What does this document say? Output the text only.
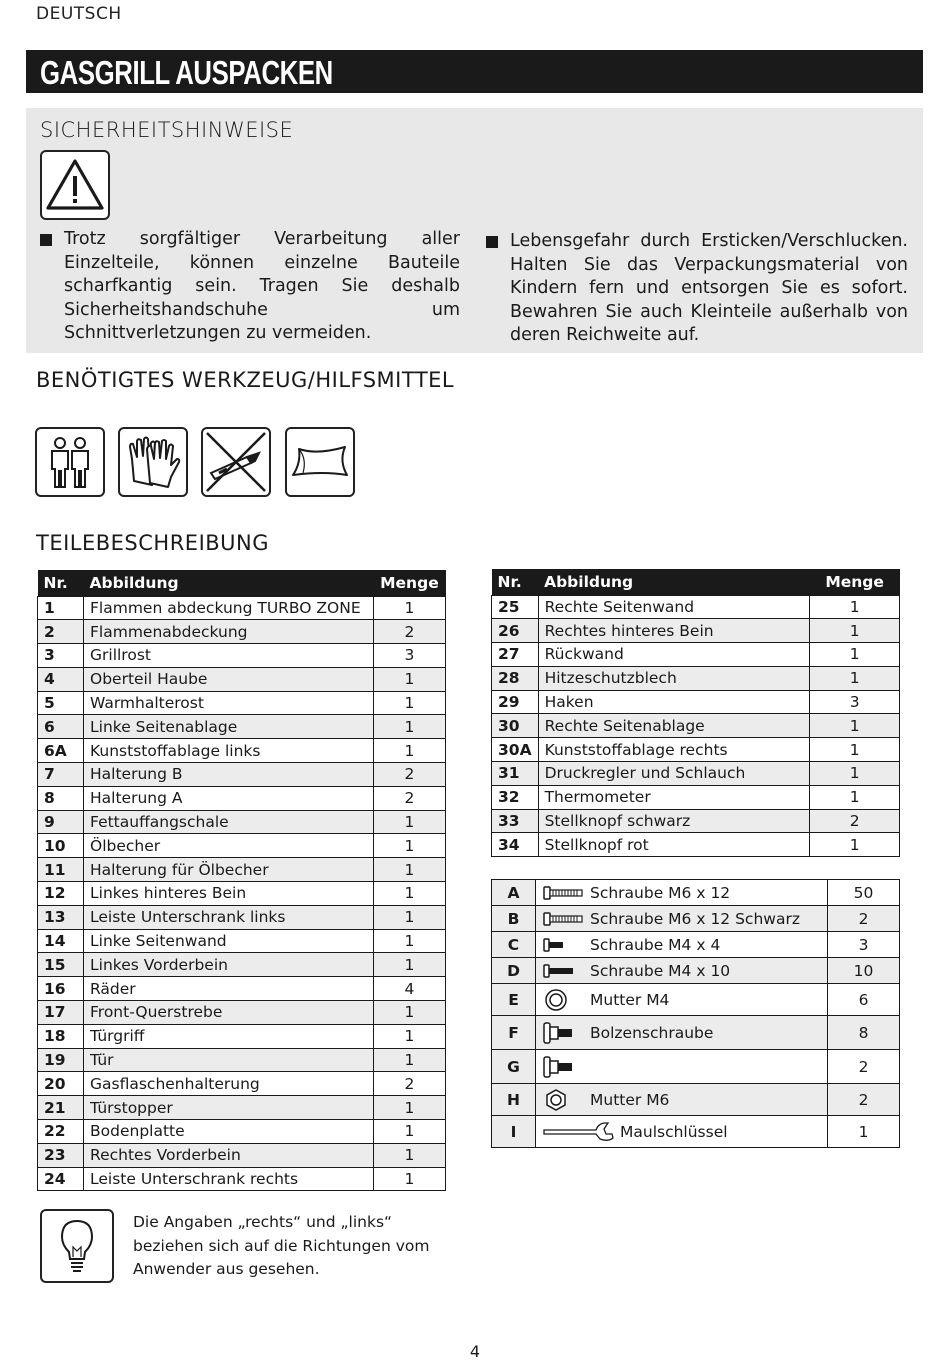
DEUTSCH
GASGRILL AUSPACKEN
SICHERHEITSHINWEISE
Trotz sorgfältiger Verarbeitung aller Einzelteile, können einzelne Bauteile scharfkantig sein. Tragen Sie deshalb Sicherheitshandschuhe um Schnittverletzungen zu vermeiden.
Lebensgefahr durch Ersticken/Verschlucken. Halten Sie das Verpackungsmaterial von Kindern fern und entsorgen Sie es sofort. Bewahren Sie auch Kleinteile außerhalb von deren Reichweite auf.
BENÖTIGTES WERKZEUG/HILFSMITTEL
TEILEBESCHREIBUNG
Nr.	Abbildung	Menge
1	Flammen abdeckung TURBO ZONE	1
2	Flammenabdeckung	2
3	Grillrost	3
4	Oberteil Haube	1
5	Warmhalterost	1
6	Linke Seitenablage	1
6A	Kunststoffablage links	1
7	Halterung B	2
8	Halterung A	2
9	Fettauffangschale	1
10	Ölbecher	1
11	Halterung für Ölbecher	1
12	Linkes hinteres Bein	1
13	Leiste Unterschrank links	1
14	Linke Seitenwand	1
15	Linkes Vorderbein	1
16	Räder	4
17	Front-Querstrebe	1
18	Türgriff	1
19	Tür	1
20	Gasflaschenhalterung	2
21	Türstopper	1
22	Bodenplatte	1
23	Rechtes Vorderbein	1
24	Leiste Unterschrank rechts	1
Nr.	Abbildung	Menge
25	Rechte Seitenwand	1
26	Rechtes hinteres Bein	1
27	Rückwand	1
28	Hitzeschutzblech	1
29	Haken	3
30	Rechte Seitenablage	1
30A	Kunststoffablage rechts	1
31	Druckregler und Schlauch	1
32	Thermometer	1
33	Stellknopf schwarz	2
34	Stellknopf rot	1
A	Schraube M6 x 12	50
B	Schraube M6 x 12 Schwarz	2
C	Schraube M4 x 4	3
D	Schraube M4 x 10	10
E	Mutter M4	6
F	Bolzenschraube	8
G		2
H	Mutter M6	2
I	Maulschlüssel	1
Die Angaben „rechts“ und „links“ beziehen sich auf die Richtungen vom Anwender aus gesehen.
4
